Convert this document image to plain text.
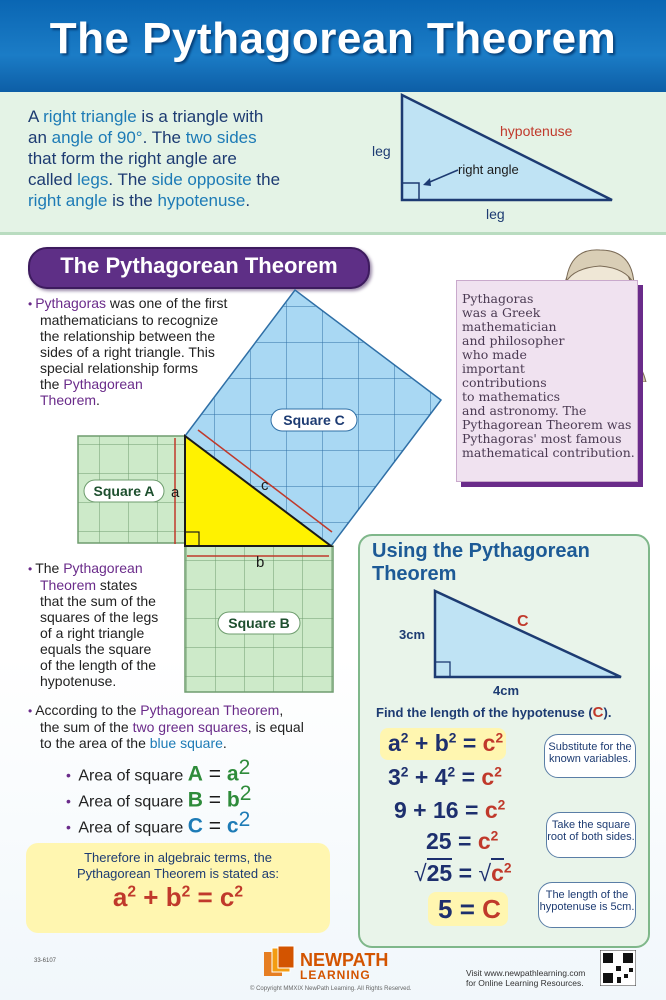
The Pythagorean Theorem
A right triangle is a triangle with
an angle of 90°. The two sides
that form the right angle are
called legs. The side opposite the
right angle is the hypotenuse.
leg
leg
hypotenuse
right angle
The Pythagorean Theorem
• Pythagoras was one of the first
mathematicians to recognize
the relationship between the
sides of a right triangle. This
special relationship forms
the Pythagorean
Theorem.
Square A
Square B
Square C
a
b
c
Pythagoras
was a Greek
mathematician
and philosopher
who made
important
contributions
to mathematics
and astronomy. The
Pythagorean Theorem was
Pythagoras' most famous
mathematical contribution.
• The Pythagorean
Theorem states
that the sum of the
squares of the legs
of a right triangle
equals the square
of the length of the
hypotenuse.
• According to the Pythagorean Theorem,
the sum of the two green squares, is equal
to the area of the blue square.
• Area of square $A = a^2$
• Area of square $B = b^2$
• Area of square $C = c^2$
Therefore in algebraic terms, the
Pythagorean Theorem is stated as:
$a^2 + b^2 = c^2$
Using the Pythagorean
Theorem
3cm
4cm
C
Find the length of the hypotenuse (C).
$a^2 + b^2 = c^2$
$3^2 + 4^2 = c^2$
$9 + 16 = c^2$
$25 = c^2$
$√25 = √c^2$
5 = C
Substitute for the known variables.
Take the square root of both sides.
The length of the hypotenuse is 5cm.
33-6107	NEWPATH
LEARNING
© Copyright MMXIX NewPath Learning. All Rights Reserved.
Visit www.newpathlearning.com
for Online Learning Resources.
